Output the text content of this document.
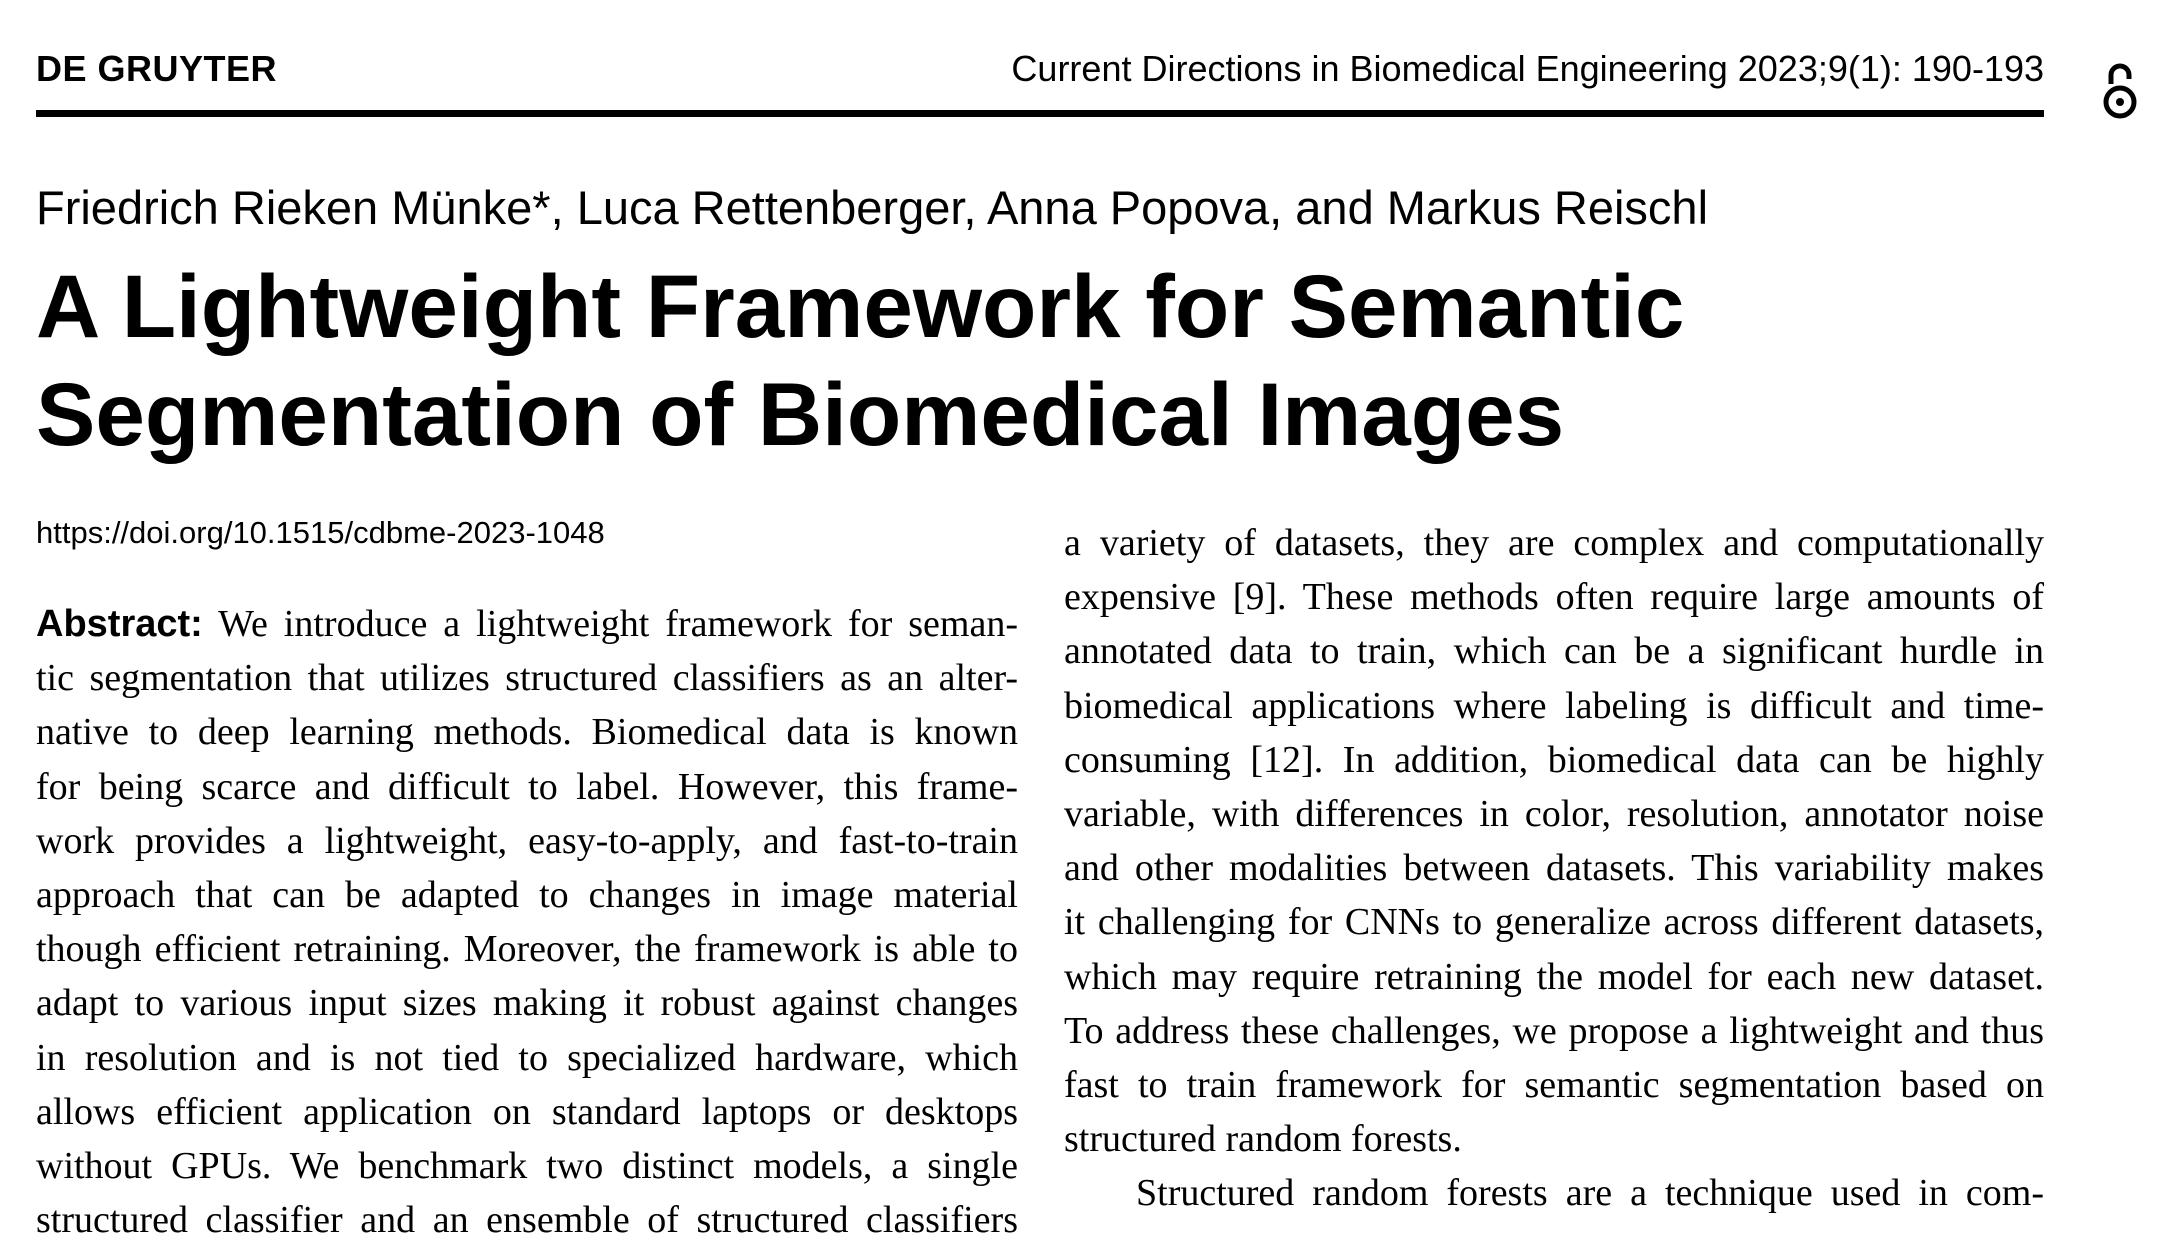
DE GRUYTER	Current Directions in Biomedical Engineering 2023;9(1): 190-193
Friedrich Rieken Münke*, Luca Rettenberger, Anna Popova, and Markus Reischl
A Lightweight Framework for Semantic
Segmentation of Biomedical Images
https://doi.org/10.1515/cdbme-2023-1048
Abstract: We introduce a lightweight framework for seman-
tic segmentation that utilizes structured classifiers as an alter-
native to deep learning methods. Biomedical data is known
for being scarce and difficult to label. However, this frame-
work provides a lightweight, easy-to-apply, and fast-to-train
approach that can be adapted to changes in image material
though efficient retraining. Moreover, the framework is able to
adapt to various input sizes making it robust against changes
in resolution and is not tied to specialized hardware, which
allows efficient application on standard laptops or desktops
without GPUs. We benchmark two distinct models, a single
structured classifier and an ensemble of structured classifiers
a variety of datasets, they are complex and computationally
expensive [9]. These methods often require large amounts of
annotated data to train, which can be a significant hurdle in
biomedical applications where labeling is difficult and time-
consuming [12]. In addition, biomedical data can be highly
variable, with differences in color, resolution, annotator noise
and other modalities between datasets. This variability makes
it challenging for CNNs to generalize across different datasets,
which may require retraining the model for each new dataset.
To address these challenges, we propose a lightweight and thus
fast to train framework for semantic segmentation based on
structured random forests.
Structured random forests are a technique used in com-
